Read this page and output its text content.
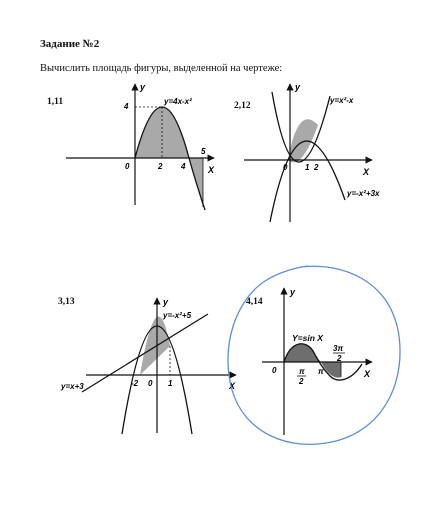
Задание №2
Вычислить площадь фигуры, выделенной на чертеже:
1,11	2,12
3,13	4,14
y=4x-x²
y
X
0	2 4
5
4
y=x²-x
y=-x²+3x
y
X
0 1 2
y=-x²+5
y=x+3
y
X
0
-2	1
Y=sin X
y
X
0	π
2
π
3π
2
